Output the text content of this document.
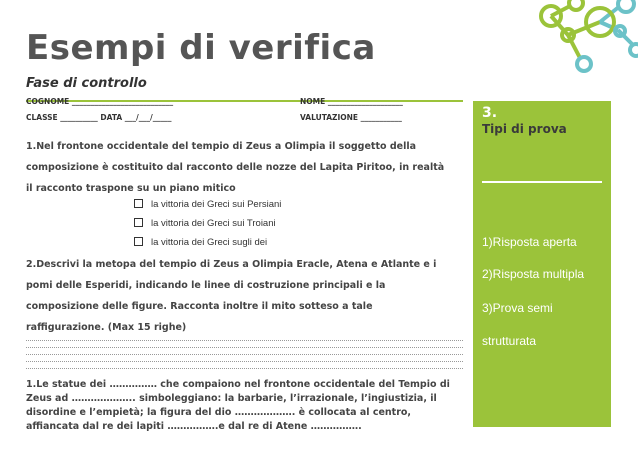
Esempi di verifica
Fase di controllo
COGNOME ___________________________	NOME ____________________
CLASSE __________ DATA ___/___/_____	VALUTAZIONE ___________
1.Nel frontone occidentale del tempio di Zeus a Olimpia il soggetto della
composizione è costituito dal racconto delle nozze del Lapita Piritoo, in realtà
il racconto traspone su un piano mitico
la vittoria dei Greci sui Persiani
la vittoria dei Greci sui Troiani
la vittoria dei Greci sugli dei
2.Descrivi la metopa del tempio di Zeus a Olimpia Eracle, Atena e Atlante e i
pomi delle Esperidi, indicando le linee di costruzione principali e la
composizione delle figure. Racconta inoltre il mito sotteso a tale
raffigurazione. (Max 15 righe)
1.Le statue dei …………… che compaiono nel frontone occidentale del Tempio di Zeus ad ……………….. simboleggiano: la barbarie, l’irrazionale, l’ingiustizia, il disordine e l’empietà; la figura del dio ………………. è collocata al centro, affiancata dal re dei lapiti …………….e dal re di Atene …………….
3.
Tipi di prova
1)Risposta aperta
2)Risposta multipla
3)Prova semi
strutturata
